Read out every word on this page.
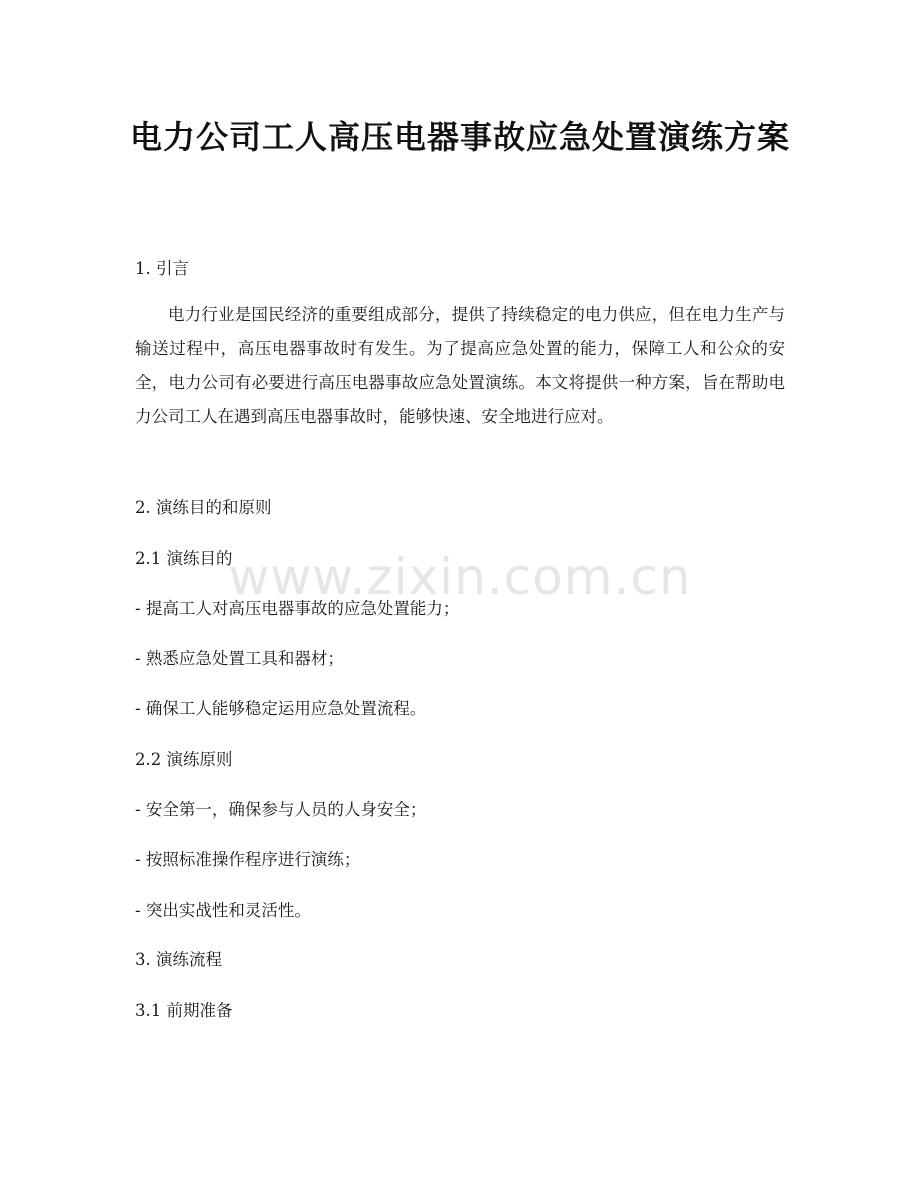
www.zixin.com.cn
电力公司工人高压电器事故应急处置演练方案
1. 引言
电力行业是国民经济的重要组成部分，提供了持续稳定的电力供应，但在电力生产与输送过程中，高压电器事故时有发生。为了提高应急处置的能力，保障工人和公众的安全，电力公司有必要进行高压电器事故应急处置演练。本文将提供一种方案，旨在帮助电力公司工人在遇到高压电器事故时，能够快速、安全地进行应对。
2. 演练目的和原则
2.1 演练目的
- 提高工人对高压电器事故的应急处置能力；
- 熟悉应急处置工具和器材；
- 确保工人能够稳定运用应急处置流程。
2.2 演练原则
- 安全第一，确保参与人员的人身安全；
- 按照标准操作程序进行演练；
- 突出实战性和灵活性。
3. 演练流程
3.1 前期准备
